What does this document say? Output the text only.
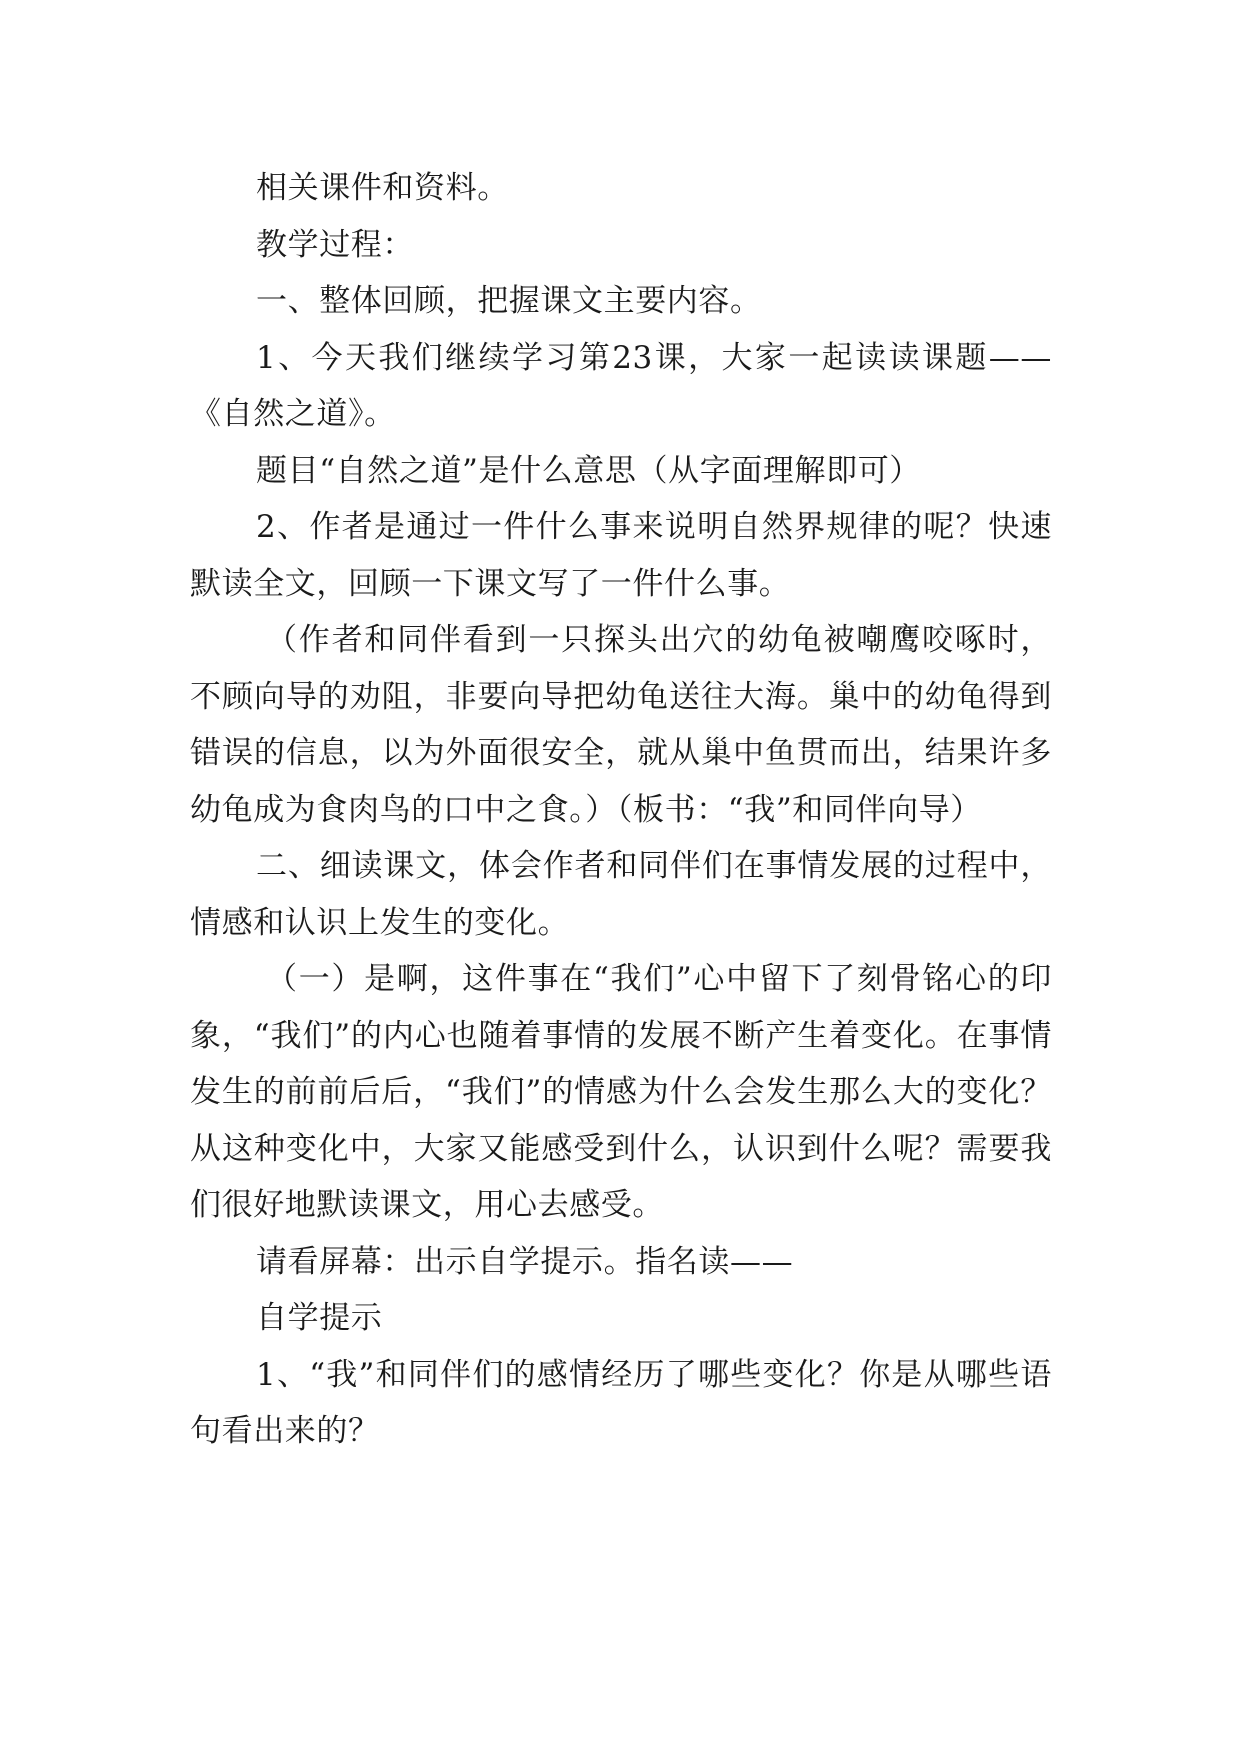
相关课件和资料。

教学过程：

一、整体回顾，把握课文主要内容。

1、今天我们继续学习第23课，大家一起读读课题——《自然之道》。

题目“自然之道”是什么意思（从字面理解即可）

2、作者是通过一件什么事来说明自然界规律的呢？快速默读全文，回顾一下课文写了一件什么事。

（作者和同伴看到一只探头出穴的幼龟被嘲鹰咬啄时，不顾向导的劝阻，非要向导把幼龟送往大海。巢中的幼龟得到错误的信息，以为外面很安全，就从巢中鱼贯而出，结果许多幼龟成为食肉鸟的口中之食。）（板书：“我”和同伴向导）

二、细读课文，体会作者和同伴们在事情发展的过程中，情感和认识上发生的变化。

（一）是啊，这件事在“我们”心中留下了刻骨铭心的印象，“我们”的内心也随着事情的发展不断产生着变化。在事情发生的前前后后，“我们”的情感为什么会发生那么大的变化？从这种变化中，大家又能感受到什么，认识到什么呢？需要我们很好地默读课文，用心去感受。

请看屏幕：出示自学提示。指名读——

自学提示

1、“我”和同伴们的感情经历了哪些变化？你是从哪些语句看出来的？
